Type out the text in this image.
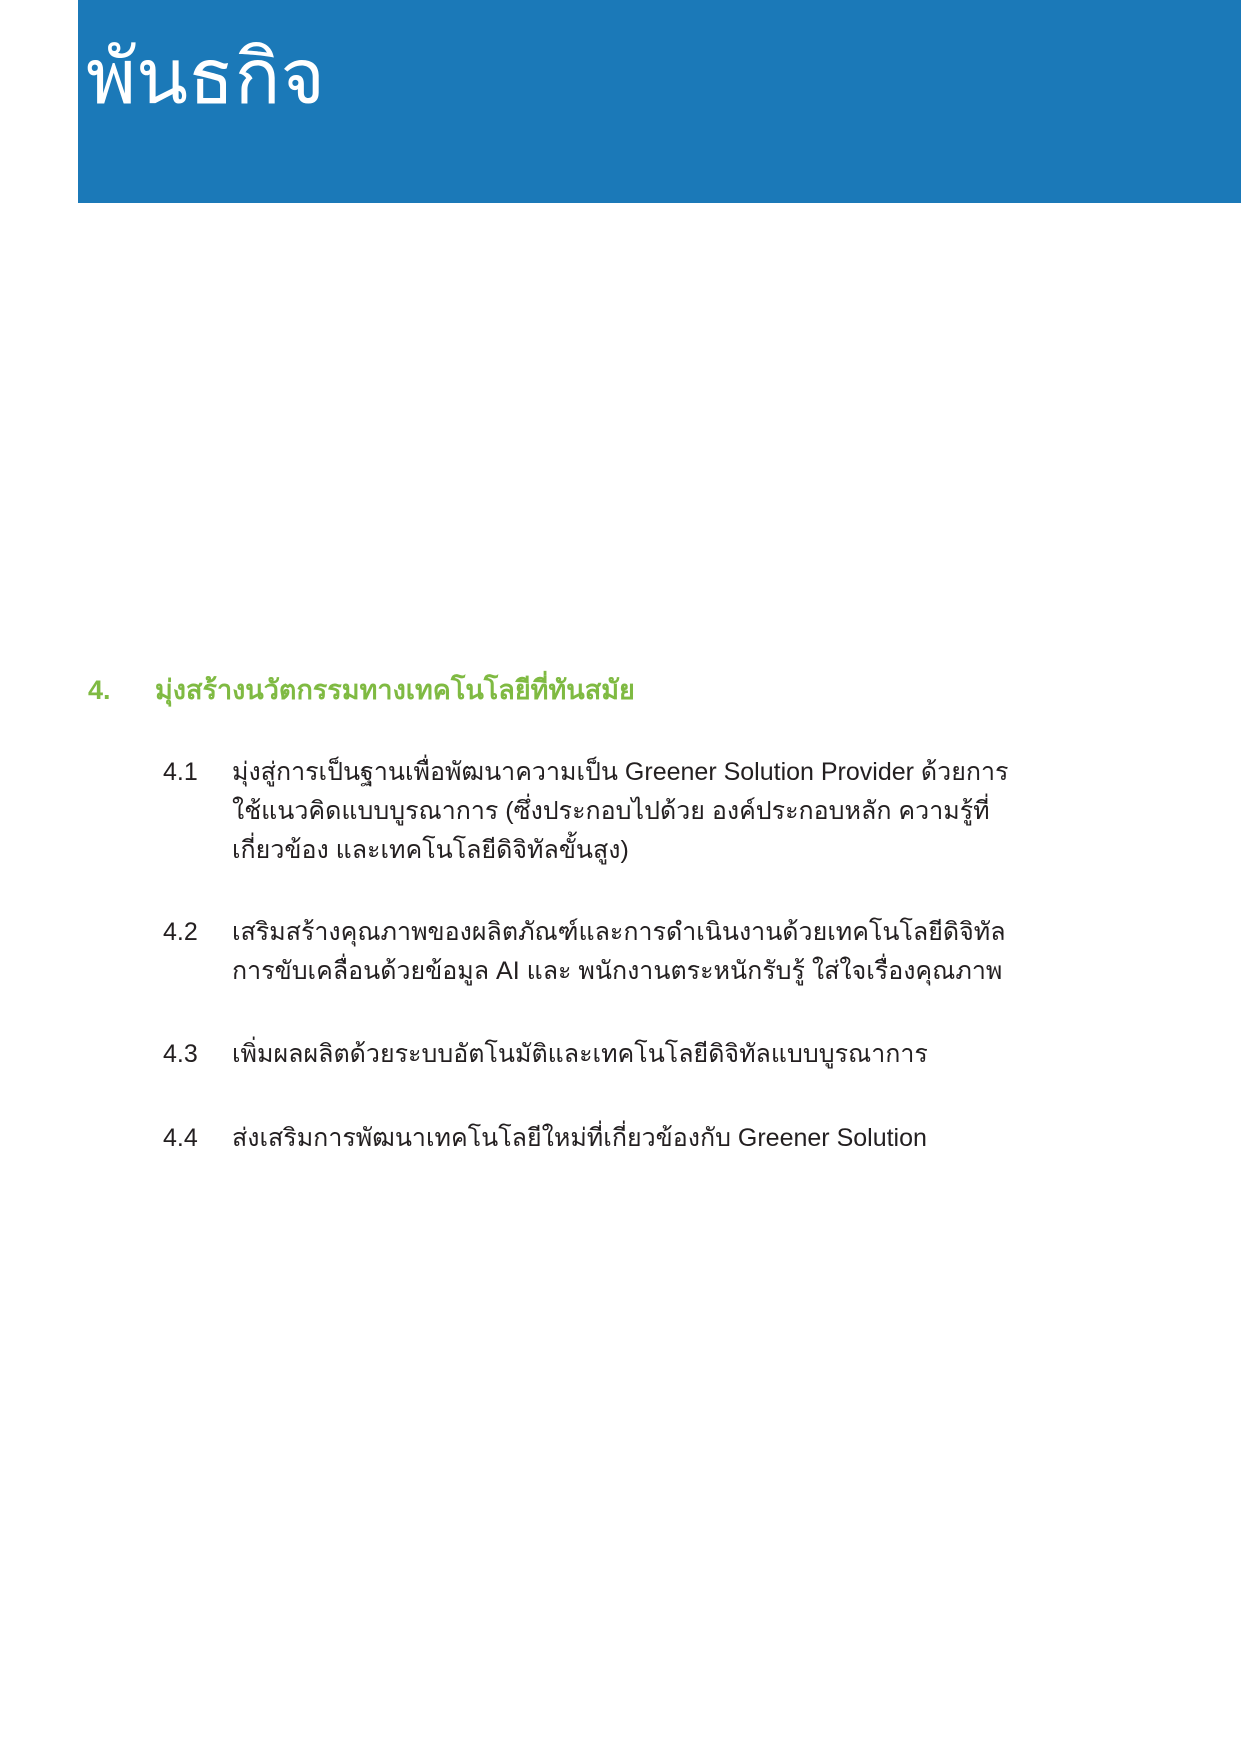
พันธกิจ
4. มุ่งสร้างนวัตกรรมทางเทคโนโลยีที่ทันสมัย
4.1 มุ่งสู่การเป็นฐานเพื่อพัฒนาความเป็น Greener Solution Provider ด้วยการใช้แนวคิดแบบบูรณาการ (ซึ่งประกอบไปด้วย องค์ประกอบหลัก ความรู้ที่เกี่ยวข้อง และเทคโนโลยีดิจิทัลขั้นสูง)
4.2 เสริมสร้างคุณภาพของผลิตภัณฑ์และการดำเนินงานด้วยเทคโนโลยีดิจิทัล การขับเคลื่อนด้วยข้อมูล AI และ พนักงานตระหนักรับรู้ ใส่ใจเรื่องคุณภาพ
4.3 เพิ่มผลผลิตด้วยระบบอัตโนมัติและเทคโนโลยีดิจิทัลแบบบูรณาการ
4.4 ส่งเสริมการพัฒนาเทคโนโลยีใหม่ที่เกี่ยวข้องกับ Greener Solution
